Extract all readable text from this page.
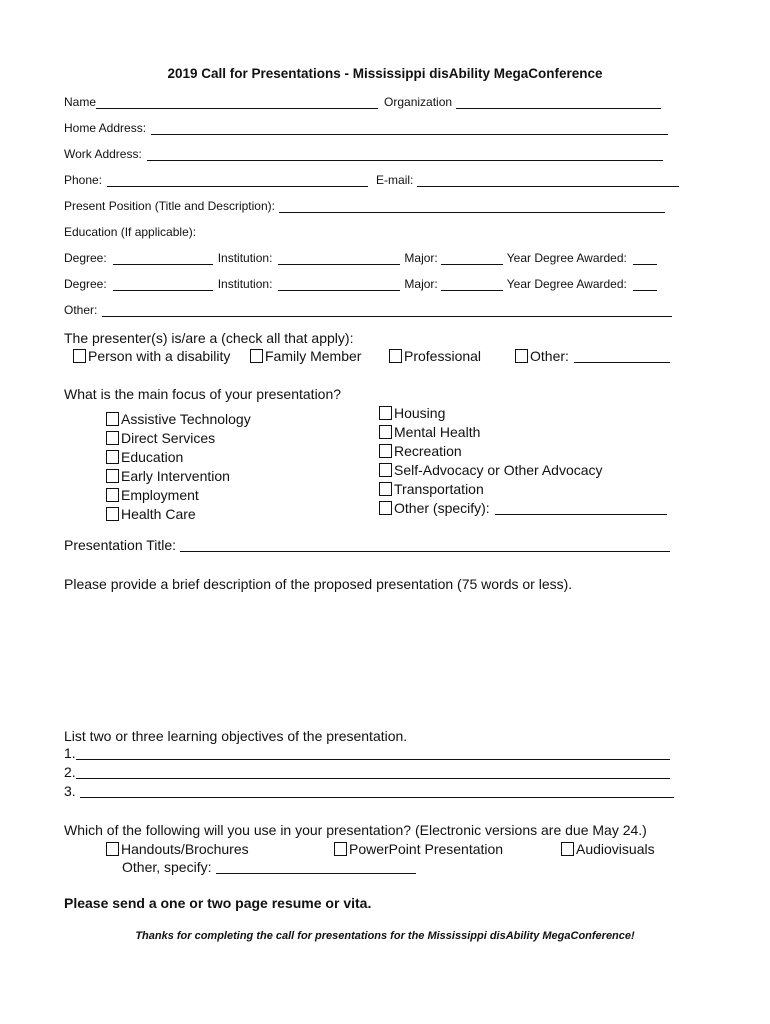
2019 Call for Presentations - Mississippi disAbility MegaConference
Name	Organization
Home Address:
Work Address:
Phone:	E-mail:
Present Position (Title and Description):
Education (If applicable):
Degree:	Institution:	Major:	Year Degree Awarded:
Degree:	Institution:	Major:	Year Degree Awarded:
Other:
The presenter(s) is/are a (check all that apply):
Person with a disability Family Member	Professional	Other:
What is the main focus of your presentation?
Assistive Technology
Direct Services
Education
Early Intervention
Employment
Health Care
Housing
Mental Health
Recreation
Self-Advocacy or Other Advocacy
Transportation
Other (specify):
Presentation Title:
Please provide a brief description of the proposed presentation (75 words or less).
List two or three learning objectives of the presentation.
1.
2.
3.
Which of the following will you use in your presentation? (Electronic versions are due May 24.)
Handouts/Brochures	PowerPoint Presentation	Audiovisuals
Other, specify:
Please send a one or two page resume or vita.
Thanks for completing the call for presentations for the Mississippi disAbility MegaConference!
